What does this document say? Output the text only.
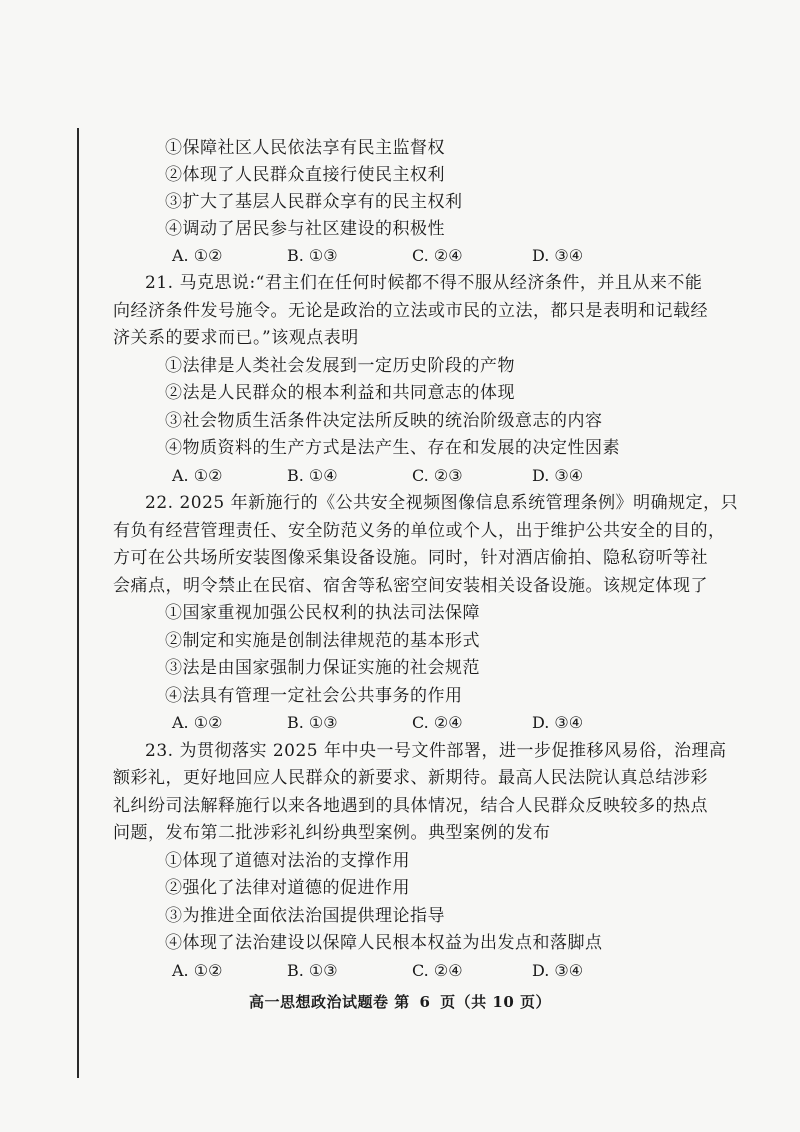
①保障社区人民依法享有民主监督权
②体现了人民群众直接行使民主权利
③扩大了基层人民群众享有的民主权利
④调动了居民参与社区建设的积极性
A. ①②	B. ①③	C. ②④	D. ③④
21. 马克思说:“君主们在任何时候都不得不服从经济条件，并且从来不能
向经济条件发号施令。无论是政治的立法或市民的立法，都只是表明和记载经
济关系的要求而已。”该观点表明
①法律是人类社会发展到一定历史阶段的产物
②法是人民群众的根本利益和共同意志的体现
③社会物质生活条件决定法所反映的统治阶级意志的内容
④物质资料的生产方式是法产生、存在和发展的决定性因素
A. ①②	B. ①④	C. ②③	D. ③④
22. 2025 年新施行的《公共安全视频图像信息系统管理条例》明确规定，只
有负有经营管理责任、安全防范义务的单位或个人，出于维护公共安全的目的，
方可在公共场所安装图像采集设备设施。同时，针对酒店偷拍、隐私窃听等社
会痛点，明令禁止在民宿、宿舍等私密空间安装相关设备设施。该规定体现了
①国家重视加强公民权利的执法司法保障
②制定和实施是创制法律规范的基本形式
③法是由国家强制力保证实施的社会规范
④法具有管理一定社会公共事务的作用
A. ①②	B. ①③	C. ②④	D. ③④
23. 为贯彻落实 2025 年中央一号文件部署，进一步促推移风易俗，治理高
额彩礼，更好地回应人民群众的新要求、新期待。最高人民法院认真总结涉彩
礼纠纷司法解释施行以来各地遇到的具体情况，结合人民群众反映较多的热点
问题，发布第二批涉彩礼纠纷典型案例。典型案例的发布
①体现了道德对法治的支撑作用
②强化了法律对道德的促进作用
③为推进全面依法治国提供理论指导
④体现了法治建设以保障人民根本权益为出发点和落脚点
A. ①②	B. ①③	C. ②④	D. ③④
高一思想政治试题卷 第 6 页（共 10 页）
